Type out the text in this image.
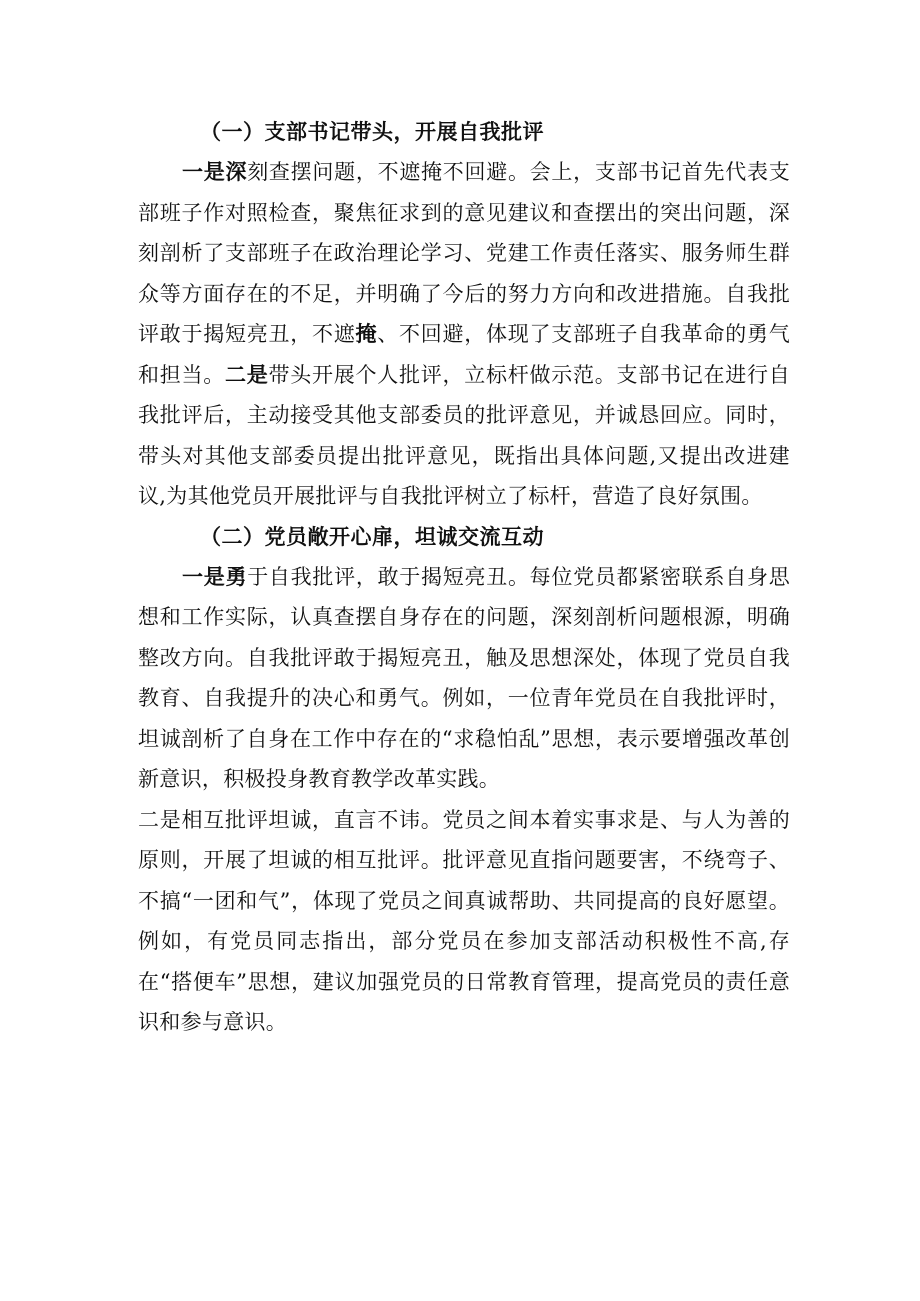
（一）支部书记带头，开展自我批评

一是深刻查摆问题，不遮掩不回避。会上，支部书记首先代表支部班子作对照检查，聚焦征求到的意见建议和查摆出的突出问题，深刻剖析了支部班子在政治理论学习、党建工作责任落实、服务师生群众等方面存在的不足，并明确了今后的努力方向和改进措施。自我批评敢于揭短亮丑，不遮掩、不回避，体现了支部班子自我革命的勇气和担当。二是带头开展个人批评，立标杆做示范。支部书记在进行自我批评后，主动接受其他支部委员的批评意见，并诚恳回应。同时，带头对其他支部委员提出批评意见，既指出具体问题,又提出改进建议,为其他党员开展批评与自我批评树立了标杆，营造了良好氛围。

（二）党员敞开心扉，坦诚交流互动

一是勇于自我批评，敢于揭短亮丑。每位党员都紧密联系自身思想和工作实际，认真查摆自身存在的问题，深刻剖析问题根源，明确整改方向。自我批评敢于揭短亮丑，触及思想深处，体现了党员自我教育、自我提升的决心和勇气。例如，一位青年党员在自我批评时，坦诚剖析了自身在工作中存在的“求稳怕乱”思想，表示要增强改革创新意识，积极投身教育教学改革实践。

二是相互批评坦诚，直言不讳。党员之间本着实事求是、与人为善的原则，开展了坦诚的相互批评。批评意见直指问题要害，不绕弯子、不搞“一团和气”，体现了党员之间真诚帮助、共同提高的良好愿望。例如，有党员同志指出，部分党员在参加支部活动积极性不高,存在“搭便车”思想，建议加强党员的日常教育管理，提高党员的责任意识和参与意识。
